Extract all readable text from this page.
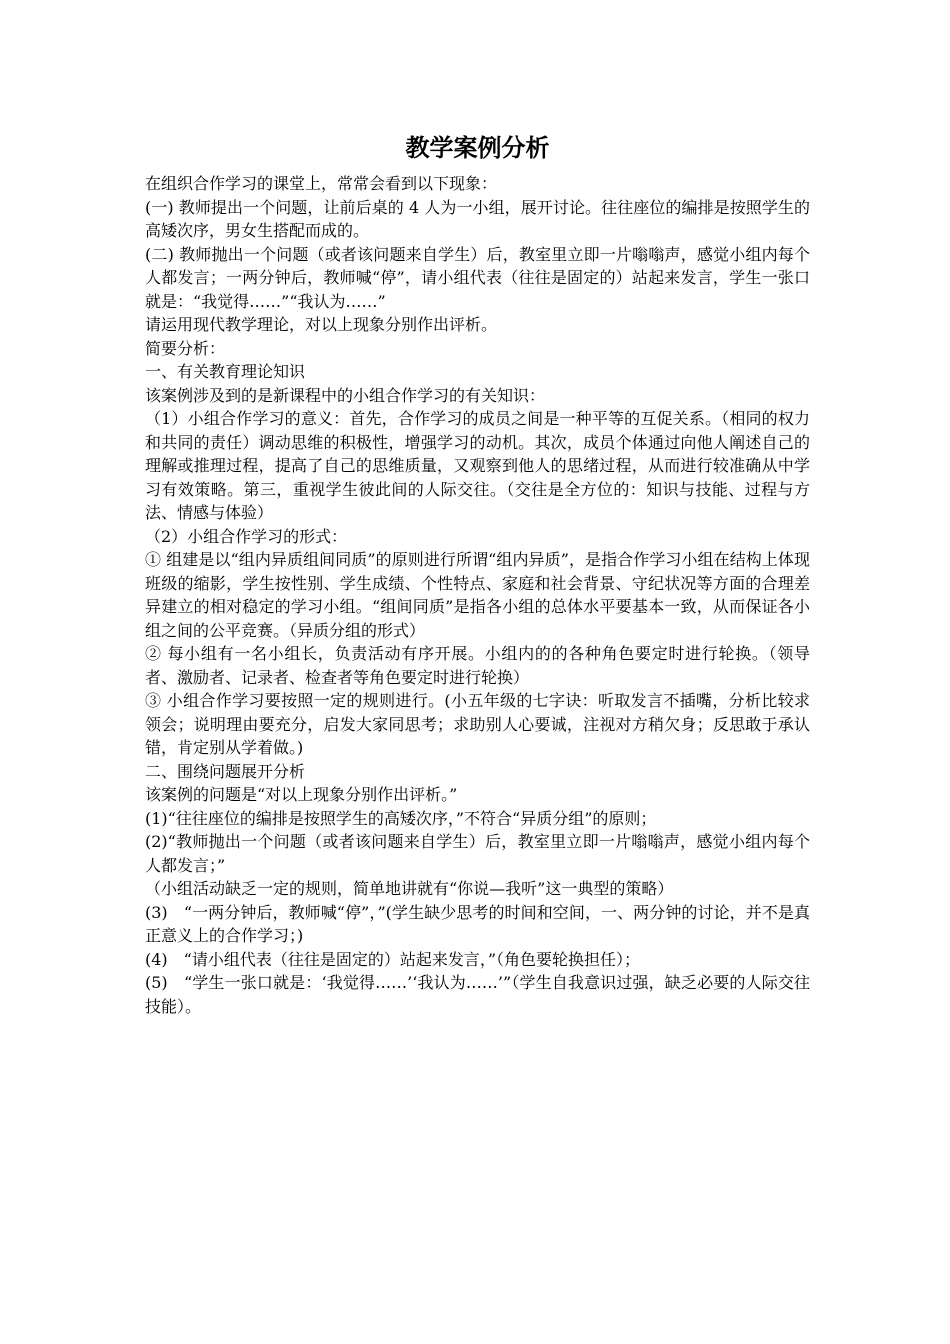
教学案例分析

在组织合作学习的课堂上，常常会看到以下现象：

(一) 教师提出一个问题，让前后桌的 4 人为一小组，展开讨论。往往座位的编排是按照学生的高矮次序，男女生搭配而成的。

(二) 教师抛出一个问题（或者该问题来自学生）后，教室里立即一片嗡嗡声，感觉小组内每个人都发言；一两分钟后，教师喊“停”，请小组代表（往往是固定的）站起来发言，学生一张口就是：“我觉得……”“我认为……”

请运用现代教学理论，对以上现象分别作出评析。

简要分析：

一、有关教育理论知识

该案例涉及到的是新课程中的小组合作学习的有关知识：

（1）小组合作学习的意义：首先，合作学习的成员之间是一种平等的互促关系。（相同的权力和共同的责任）调动思维的积极性，增强学习的动机。其次，成员个体通过向他人阐述自己的理解或推理过程，提高了自己的思维质量，又观察到他人的思绪过程，从而进行较准确从中学习有效策略。第三，重视学生彼此间的人际交往。（交往是全方位的：知识与技能、过程与方法、情感与体验）

（2）小组合作学习的形式：

① 组建是以“组内异质组间同质”的原则进行所谓“组内异质”，是指合作学习小组在结构上体现班级的缩影，学生按性别、学生成绩、个性特点、家庭和社会背景、守纪状况等方面的合理差异建立的相对稳定的学习小组。“组间同质”是指各小组的总体水平要基本一致，从而保证各小组之间的公平竞赛。（异质分组的形式）

② 每小组有一名小组长，负责活动有序开展。小组内的的各种角色要定时进行轮换。（领导者、激励者、记录者、检查者等角色要定时进行轮换）

③ 小组合作学习要按照一定的规则进行。(小五年级的七字诀：听取发言不插嘴，分析比较求领会；说明理由要充分，启发大家同思考；求助别人心要诚，注视对方稍欠身；反思敢于承认错，肯定别从学着做。)

二、围绕问题展开分析

该案例的问题是“对以上现象分别作出评析。”

(1)“往往座位的编排是按照学生的高矮次序，”不符合“异质分组”的原则；

(2)“教师抛出一个问题（或者该问题来自学生）后，教室里立即一片嗡嗡声，感觉小组内每个人都发言；”

（小组活动缺乏一定的规则，简单地讲就有“你说—我听”这一典型的策略）

(3)　“一两分钟后，教师喊“停”，”(学生缺少思考的时间和空间，一、两分钟的讨论，并不是真正意义上的合作学习；)

(4)　“请小组代表（往往是固定的）站起来发言，”（角色要轮换担任）；

(5)　“学生一张口就是：‘我觉得……’‘我认为……’”（学生自我意识过强，缺乏必要的人际交往技能）。
